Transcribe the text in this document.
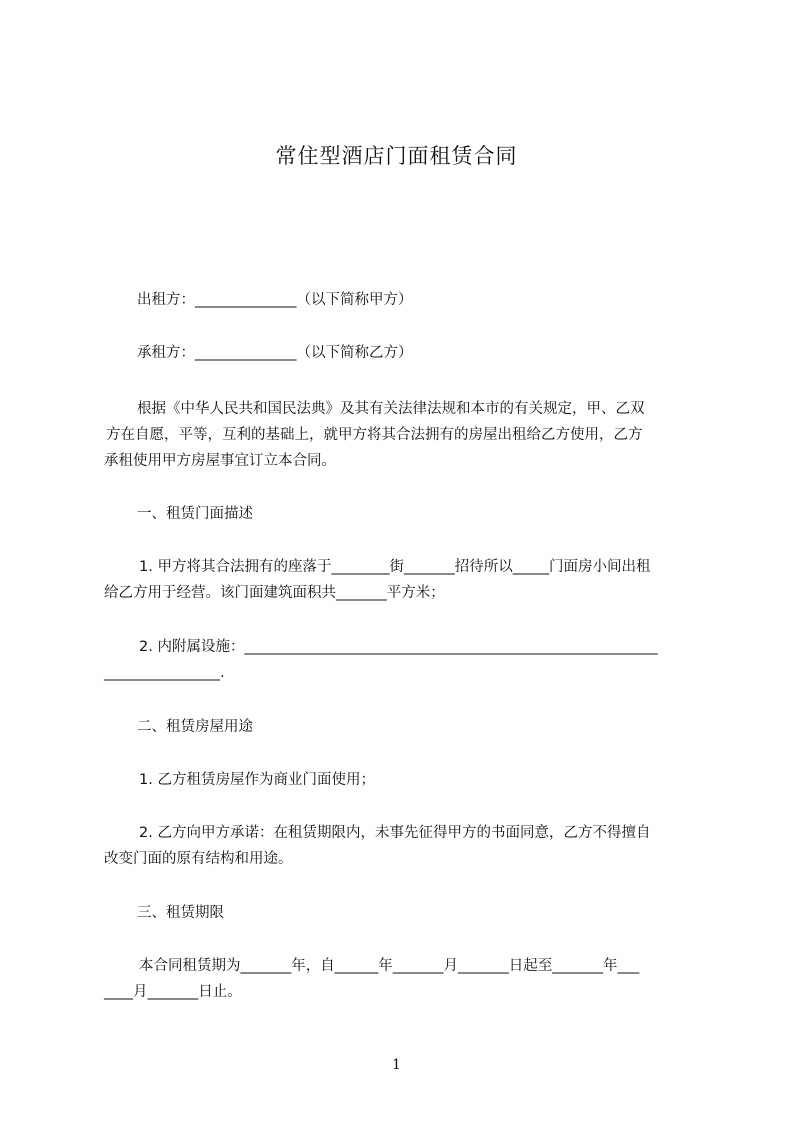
常住型酒店门面租赁合同
出租方：______________（以下简称甲方）
承租方：______________（以下简称乙方）
根据《中华人民共和国民法典》及其有关法律法规和本市的有关规定，甲、乙双
方在自愿，平等，互利的基础上，就甲方将其合法拥有的房屋出租给乙方使用，乙方
承租使用甲方房屋事宜订立本合同。
一、租赁门面描述
1. 甲方将其合法拥有的座落于________街_______招待所以_____门面房小间出租
给乙方用于经营。该门面建筑面积共_______平方米；
2. 内附属设施：_________________________________________________________
________________.
二、租赁房屋用途
1. 乙方租赁房屋作为商业门面使用；
2. 乙方向甲方承诺：在租赁期限内，未事先征得甲方的书面同意，乙方不得擅自
改变门面的原有结构和用途。
三、租赁期限
本合同租赁期为_______年，自______年_______月_______日起至_______年___
____月_______日止。
1
